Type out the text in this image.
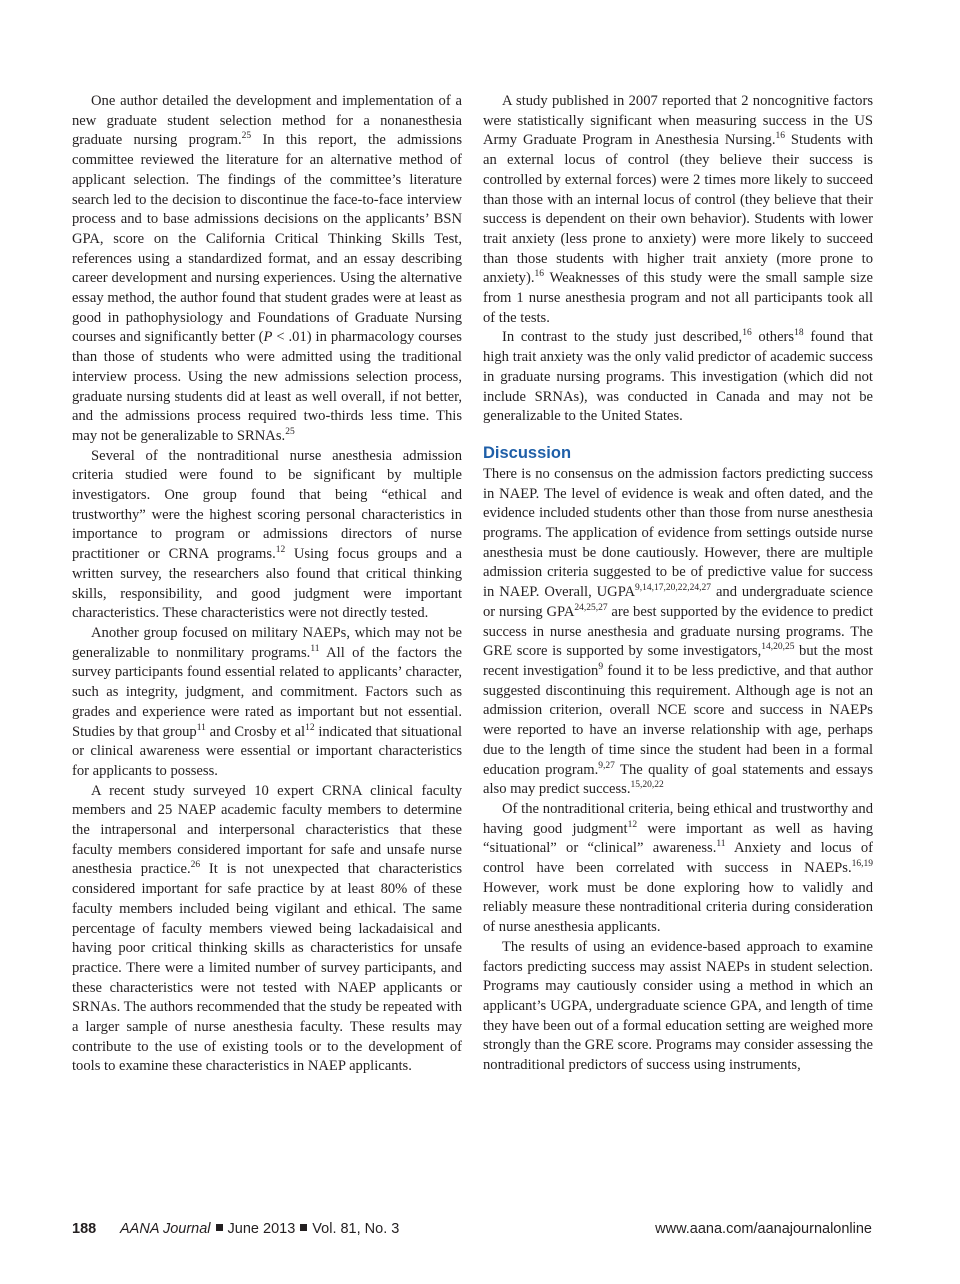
One author detailed the development and implementation of a new graduate student selection method for a nonanesthesia graduate nursing program.$^{25}$ In this report, the admissions committee reviewed the literature for an alternative method of applicant selection. The findings of the committee’s literature search led to the decision to discontinue the face-to-face interview process and to base admissions decisions on the applicants’ BSN GPA, score on the California Critical Thinking Skills Test, references using a standardized format, and an essay describing career development and nursing experiences. Using the alternative essay method, the author found that student grades were at least as good in pathophysiology and Foundations of Graduate Nursing courses and significantly better (P < .01) in pharmacology courses than those of students who were admitted using the traditional interview process. Using the new admissions selection process, graduate nursing students did at least as well overall, if not better, and the admissions process required two-thirds less time. This may not be generalizable to SRNAs.$^{25}$

Several of the nontraditional nurse anesthesia admission criteria studied were found to be significant by multiple investigators. One group found that being “ethical and trustworthy” were the highest scoring personal characteristics in importance to program or admissions directors of nurse practitioner or CRNA programs.$^{12}$ Using focus groups and a written survey, the researchers also found that critical thinking skills, responsibility, and good judgment were important characteristics. These characteristics were not directly tested.

Another group focused on military NAEPs, which may not be generalizable to nonmilitary programs.$^{11}$ All of the factors the survey participants found essential related to applicants’ character, such as integrity, judgment, and commitment. Factors such as grades and experience were rated as important but not essential. Studies by that group$^{11}$ and Crosby et $al^{12}$ indicated that situational or clinical awareness were essential or important characteristics for applicants to possess.

A recent study surveyed 10 expert CRNA clinical faculty members and 25 NAEP academic faculty members to determine the intrapersonal and interpersonal characteristics that these faculty members considered important for safe and unsafe nurse anesthesia practice.$^{26}$ It is not unexpected that characteristics considered important for safe practice by at least 80% of these faculty members included being vigilant and ethical. The same percentage of faculty members viewed being lackadaisical and having poor critical thinking skills as characteristics for unsafe practice. There were a limited number of survey participants, and these characteristics were not tested with NAEP applicants or SRNAs. The authors recommended that the study be repeated with a larger sample of nurse anesthesia faculty. These results may contribute to the use of existing tools or to the development of tools to examine these characteristics in NAEP applicants.

A study published in 2007 reported that 2 noncognitive factors were statistically significant when measuring success in the US Army Graduate Program in Anesthesia Nursing.$^{16}$ Students with an external locus of control (they believe their success is controlled by external forces) were 2 times more likely to succeed than those with an internal locus of control (they believe that their success is dependent on their own behavior). Students with lower trait anxiety (less prone to anxiety) were more likely to succeed than those students with higher trait anxiety (more prone to anxiety).$^{16}$ Weaknesses of this study were the small sample size from 1 nurse anesthesia program and not all participants took all of the tests.

In contrast to the study just described,$^{16}$ others$^{18}$ found that high trait anxiety was the only valid predictor of academic success in graduate nursing programs. This investigation (which did not include SRNAs), was conducted in Canada and may not be generalizable to the United States.

Discussion

There is no consensus on the admission factors predicting success in NAEP. The level of evidence is weak and often dated, and the evidence included students other than those from nurse anesthesia programs. The application of evidence from settings outside nurse anesthesia must be done cautiously. However, there are multiple admission criteria suggested to be of predictive value for success in NAEP. Overall, UGPA$^{9,14,17,20,22,24,27}$ and undergraduate science or nursing GPA$^{24,25,27}$ are best supported by the evidence to predict success in nurse anesthesia and graduate nursing programs. The GRE score is supported by some investigators,$^{14,20,25}$ but the most recent investigation$^9$ found it to be less predictive, and that author suggested discontinuing this requirement. Although age is not an admission criterion, overall NCE score and success in NAEPs were reported to have an inverse relationship with age, perhaps due to the length of time since the student had been in a formal education program.$^{9,27}$ The quality of goal statements and essays also may predict success.$^{15,20,22}$

Of the nontraditional criteria, being ethical and trustworthy and having good judgment$^{12}$ were important as well as having “situational” or “clinical” awareness.$^{11}$ Anxiety and locus of control have been correlated with success in NAEPs.$^{16,19}$ However, work must be done exploring how to validly and reliably measure these nontraditional criteria during consideration of nurse anesthesia applicants.

The results of using an evidence-based approach to examine factors predicting success may assist NAEPs in student selection. Programs may cautiously consider using a method in which an applicant’s UGPA, undergraduate science GPA, and length of time they have been out of a formal education setting are weighed more strongly than the GRE score. Programs may consider assessing the nontraditional predictors of success using instruments,

188 AANA Journal June 2013 Vol. 81, No. 3	www.aana.com/aanajournalonline
